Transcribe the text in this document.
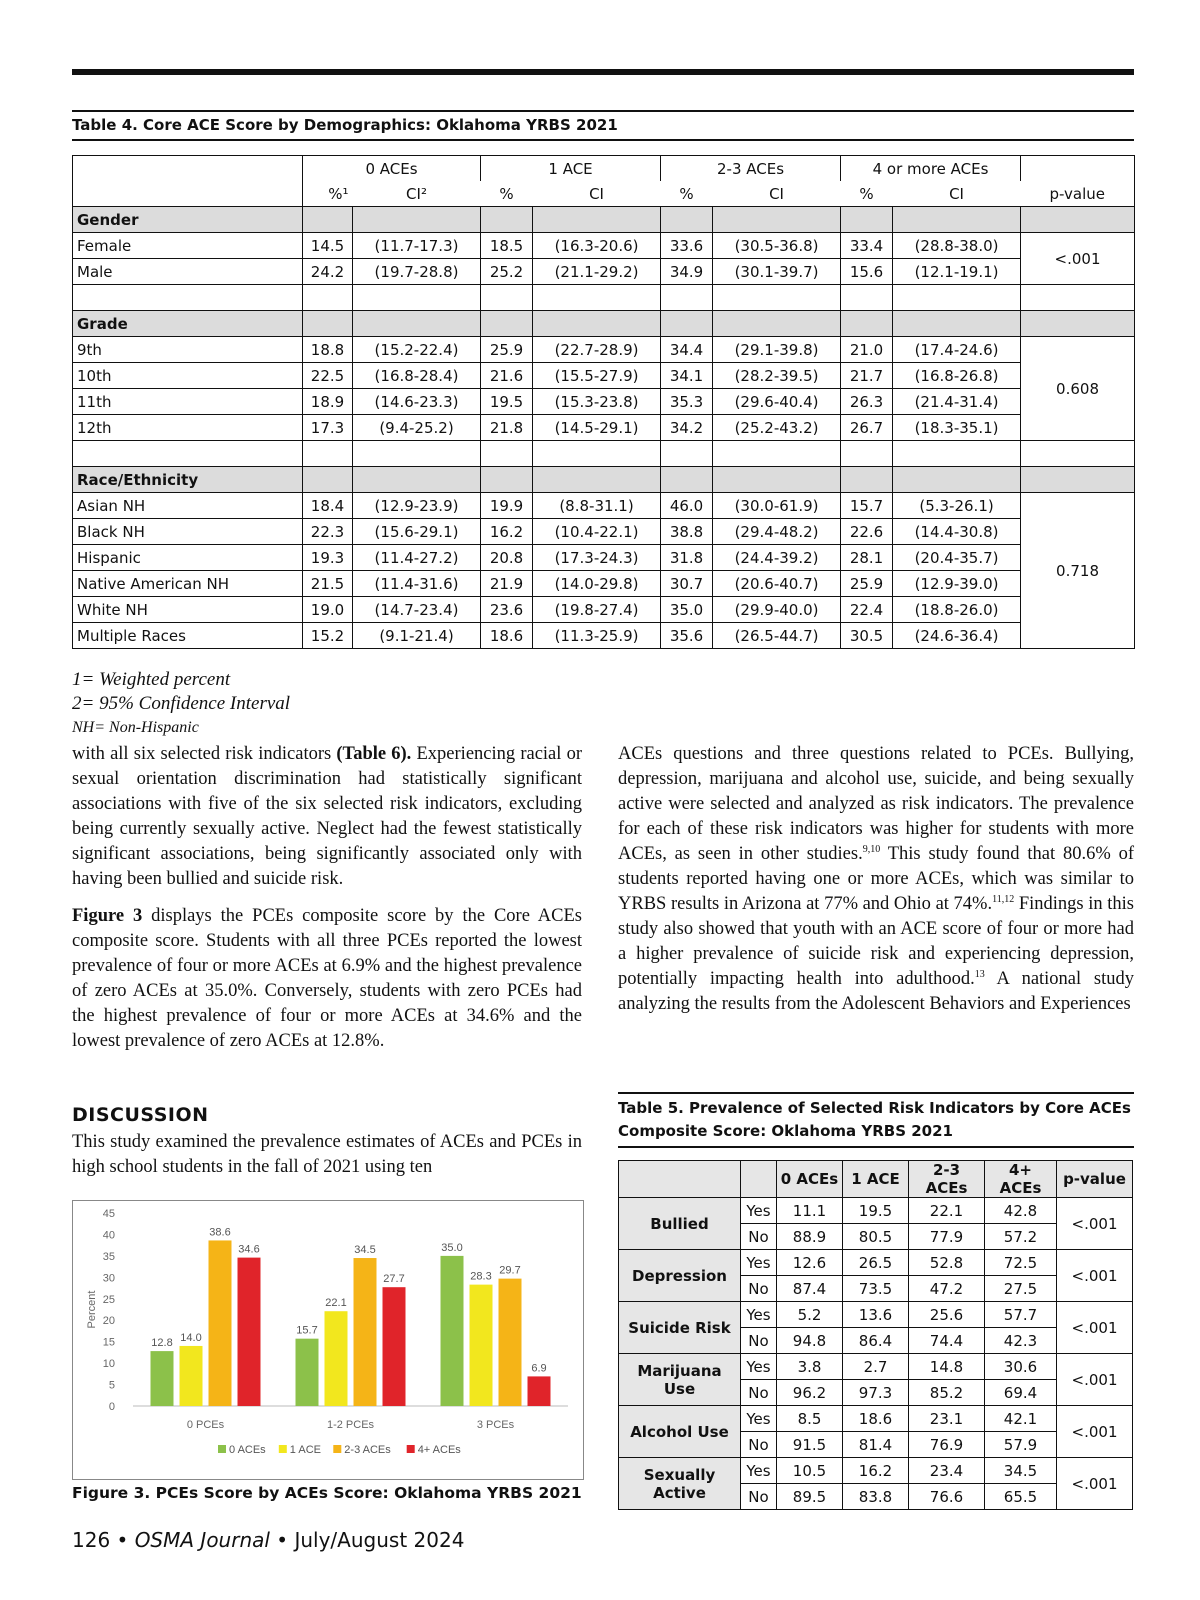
Table 4. Core ACE Score by Demographics: Oklahoma YRBS 2021
	0 ACEs		1 ACE		2-3 ACEs		4 or more ACEs		
	%¹	CI²	%	CI	%	CI	%	CI	p-value
Gender									
Female	14.5	(11.7-17.3)	18.5	(16.3-20.6)	33.6	(30.5-36.8)	33.4	(28.8-38.0)	<.001
Male	24.2	(19.7-28.8)	25.2	(21.1-29.2)	34.9	(30.1-39.7)	15.6	(12.1-19.1)	

Grade									
9th	18.8	(15.2-22.4)	25.9	(22.7-28.9)	34.4	(29.1-39.8)	21.0	(17.4-24.6)	0.608
10th	22.5	(16.8-28.4)	21.6	(15.5-27.9)	34.1	(28.2-39.5)	21.7	(16.8-26.8)	
11th	18.9	(14.6-23.3)	19.5	(15.3-23.8)	35.3	(29.6-40.4)	26.3	(21.4-31.4)	
12th	17.3	(9.4-25.2)	21.8	(14.5-29.1)	34.2	(25.2-43.2)	26.7	(18.3-35.1)	

Race/Ethnicity									
Asian NH	18.4	(12.9-23.9)	19.9	(8.8-31.1)	46.0	(30.0-61.9)	15.7	(5.3-26.1)	0.718
Black NH	22.3	(15.6-29.1)	16.2	(10.4-22.1)	38.8	(29.4-48.2)	22.6	(14.4-30.8)	
Hispanic	19.3	(11.4-27.2)	20.8	(17.3-24.3)	31.8	(24.4-39.2)	28.1	(20.4-35.7)	
Native American NH	21.5	(11.4-31.6)	21.9	(14.0-29.8)	30.7	(20.6-40.7)	25.9	(12.9-39.0)	
White NH	19.0	(14.7-23.4)	23.6	(19.8-27.4)	35.0	(29.9-40.0)	22.4	(18.8-26.0)	
Multiple Races	15.2	(9.1-21.4)	18.6	(11.3-25.9)	35.6	(26.5-44.7)	30.5	(24.6-36.4)	
1= Weighted percent
2= 95% Confidence Interval
NH= Non-Hispanic

with all six selected risk indicators (Table 6). Experiencing racial or sexual orientation discrimination had statistically significant associations with five of the six selected risk indicators, excluding being currently sexually active. Neglect had the fewest statistically significant associations, being significantly associated only with having been bullied and suicide risk.

Figure 3 displays the PCEs composite score by the Core ACEs composite score. Students with all three PCEs reported the lowest prevalence of four or more ACEs at 6.9% and the highest prevalence of zero ACEs at 35.0%. Conversely, students with zero PCEs had the highest prevalence of four or more ACEs at 34.6% and the lowest prevalence of zero ACEs at 12.8%.

DISCUSSION

This study examined the prevalence estimates of ACEs and PCEs in high school students in the fall of 2021 using ten

ACEs questions and three questions related to PCEs. Bullying, depression, marijuana and alcohol use, suicide, and being sexually active were selected and analyzed as risk indicators. The prevalence for each of these risk indicators was higher for students with more ACEs, as seen in other studies.$^{9,10}$ This study found that 80.6% of students reported having one or more ACEs, which was similar to YRBS results in Arizona at 77% and Ohio at 74%.$^{11,12}$ Findings in this study also showed that youth with an ACE score of four or more had a higher prevalence of suicide risk and experiencing depression, potentially impacting health into adulthood.$^{13}$ A national study analyzing the results from the Adolescent Behaviors and Experiences

0
5
10
15
20
25
30
35
40
45
Percent
12.8 14.0
38.6
34.6
0 PCEs
15.7
22.1
34.5
27.7
1-2 PCEs
35.0
28.3
29.7
6.9
3 PCEs
0 ACEs 1 ACE 2-3 ACEs 4+ ACEs
Figure 3. PCEs Score by ACEs Score: Oklahoma YRBS 2021
Table 5. Prevalence of Selected Risk Indicators by Core ACEs Composite Score: Oklahoma YRBS 2021
		0 ACEs	1 ACE	2-3 ACEs	4+ ACEs	p-value
Bullied	Yes	11.1	19.5	22.1	42.8	<.001
	No	88.9	80.5	77.9	57.2	
Depression	Yes	12.6	26.5	52.8	72.5	<.001
	No	87.4	73.5	47.2	27.5	
Suicide Risk	Yes	5.2	13.6	25.6	57.7	<.001
	No	94.8	86.4	74.4	42.3	
Marijuana Use	Yes	3.8	2.7	14.8	30.6	<.001
	No	96.2	97.3	85.2	69.4	
Alcohol Use	Yes	8.5	18.6	23.1	42.1	<.001
	No	91.5	81.4	76.9	57.9	
Sexually Active	Yes	10.5	16.2	23.4	34.5	<.001
	No	89.5	83.8	76.6	65.5	
126 • OSMA Journal • July/August 2024
